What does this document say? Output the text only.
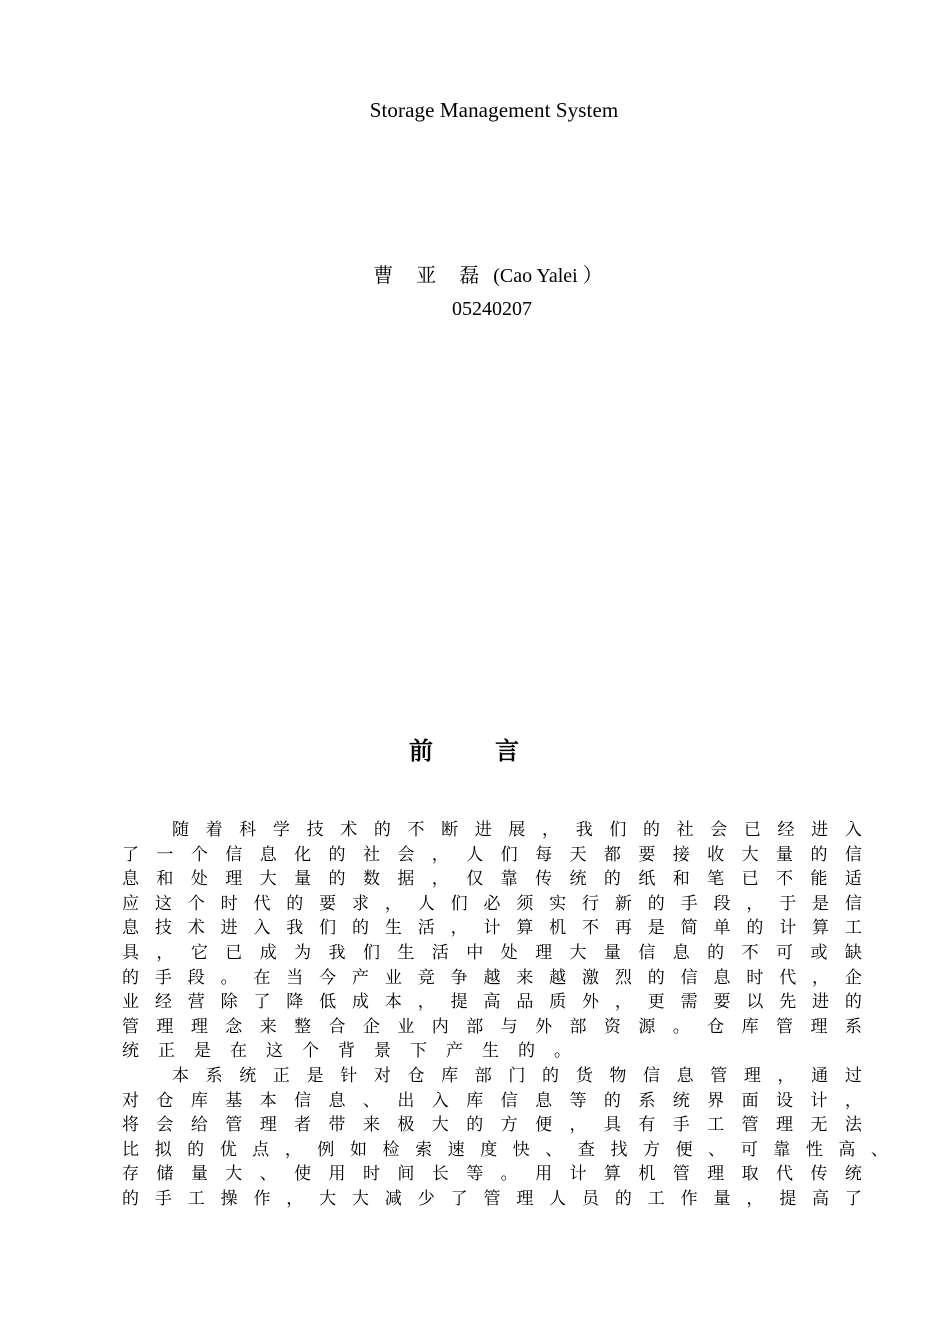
Storage Management System
曹 亚 磊 (Cao Yalei ）
05240207
前言
随 着 科 学 技 术 的 不 断 进 展 ， 我 们 的 社 会 已 经 进 入
了 一 个 信 息 化 的 社 会 ， 人 们 每 天 都 要 接 收 大 量 的 信
息 和 处 理 大 量 的 数 据 ， 仅 靠 传 统 的 纸 和 笔 已 不 能 适
应 这 个 时 代 的 要 求 ， 人 们 必 须 实 行 新 的 手 段 ， 于 是 信
息 技 术 进 入 我 们 的 生 活 ， 计 算 机 不 再 是 简 单 的 计 算 工
具 ， 它 已 成 为 我 们 生 活 中 处 理 大 量 信 息 的 不 可 或 缺
的 手 段 。 在 当 今 产 业 竞 争 越 来 越 激 烈 的 信 息 时 代 ， 企
业 经 营 除 了 降 低 成 本 ， 提 高 品 质 外 ， 更 需 要 以 先 进 的
管 理 理 念 来 整 合 企 业 内 部 与 外 部 资 源 。 仓 库 管 理 系
统 正 是 在 这 个 背 景 下 产 生 的 。
本 系 统 正 是 针 对 仓 库 部 门 的 货 物 信 息 管 理 ， 通 过
对 仓 库 基 本 信 息 、 出 入 库 信 息 等 的 系 统 界 面 设 计 ，
将 会 给 管 理 者 带 来 极 大 的 方 便 ， 具 有 手 工 管 理 无 法
比 拟 的 优 点 ， 例 如 检 索 速 度 快 、 查 找 方 便 、 可 靠 性 高 、
存 储 量 大 、 使 用 时 间 长 等 。 用 计 算 机 管 理 取 代 传 统
的 手 工 操 作 ， 大 大 减 少 了 管 理 人 员 的 工 作 量 ， 提 高 了
